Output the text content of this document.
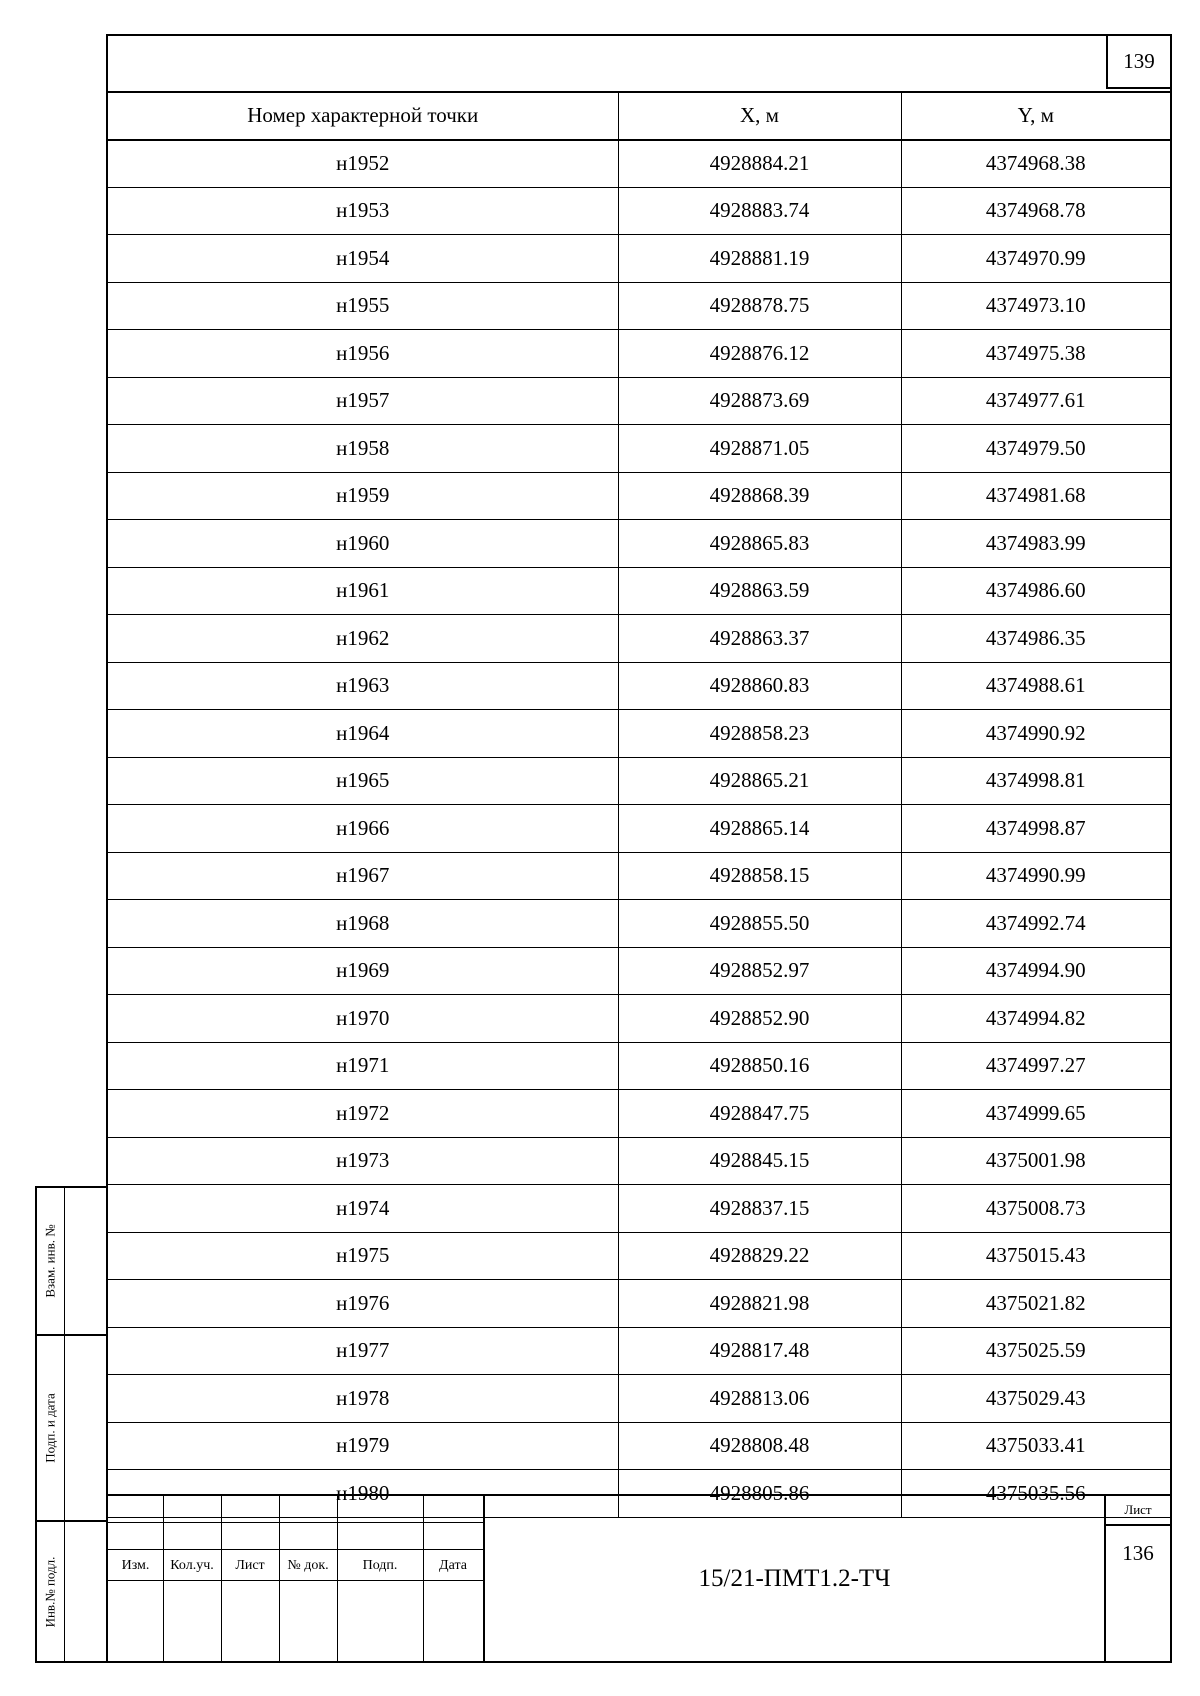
139
Номер характерной точки	X, м	Y, м
н1952	4928884.21	4374968.38
н1953	4928883.74	4374968.78
н1954	4928881.19	4374970.99
н1955	4928878.75	4374973.10
н1956	4928876.12	4374975.38
н1957	4928873.69	4374977.61
н1958	4928871.05	4374979.50
н1959	4928868.39	4374981.68
н1960	4928865.83	4374983.99
н1961	4928863.59	4374986.60
н1962	4928863.37	4374986.35
н1963	4928860.83	4374988.61
н1964	4928858.23	4374990.92
н1965	4928865.21	4374998.81
н1966	4928865.14	4374998.87
н1967	4928858.15	4374990.99
н1968	4928855.50	4374992.74
н1969	4928852.97	4374994.90
н1970	4928852.90	4374994.82
н1971	4928850.16	4374997.27
н1972	4928847.75	4374999.65
н1973	4928845.15	4375001.98
н1974	4928837.15	4375008.73
н1975	4928829.22	4375015.43
н1976	4928821.98	4375021.82
н1977	4928817.48	4375025.59
н1978	4928813.06	4375029.43
н1979	4928808.48	4375033.41
н1980	4928805.86	4375035.56

Изм.	Кол.уч.	Лист	№ док.	Подп.	Дата	15/21-ПМТ1.2-ТЧ
Лист
136
Взам. инв. №
Подп. и дата
Инв.№ подл.
